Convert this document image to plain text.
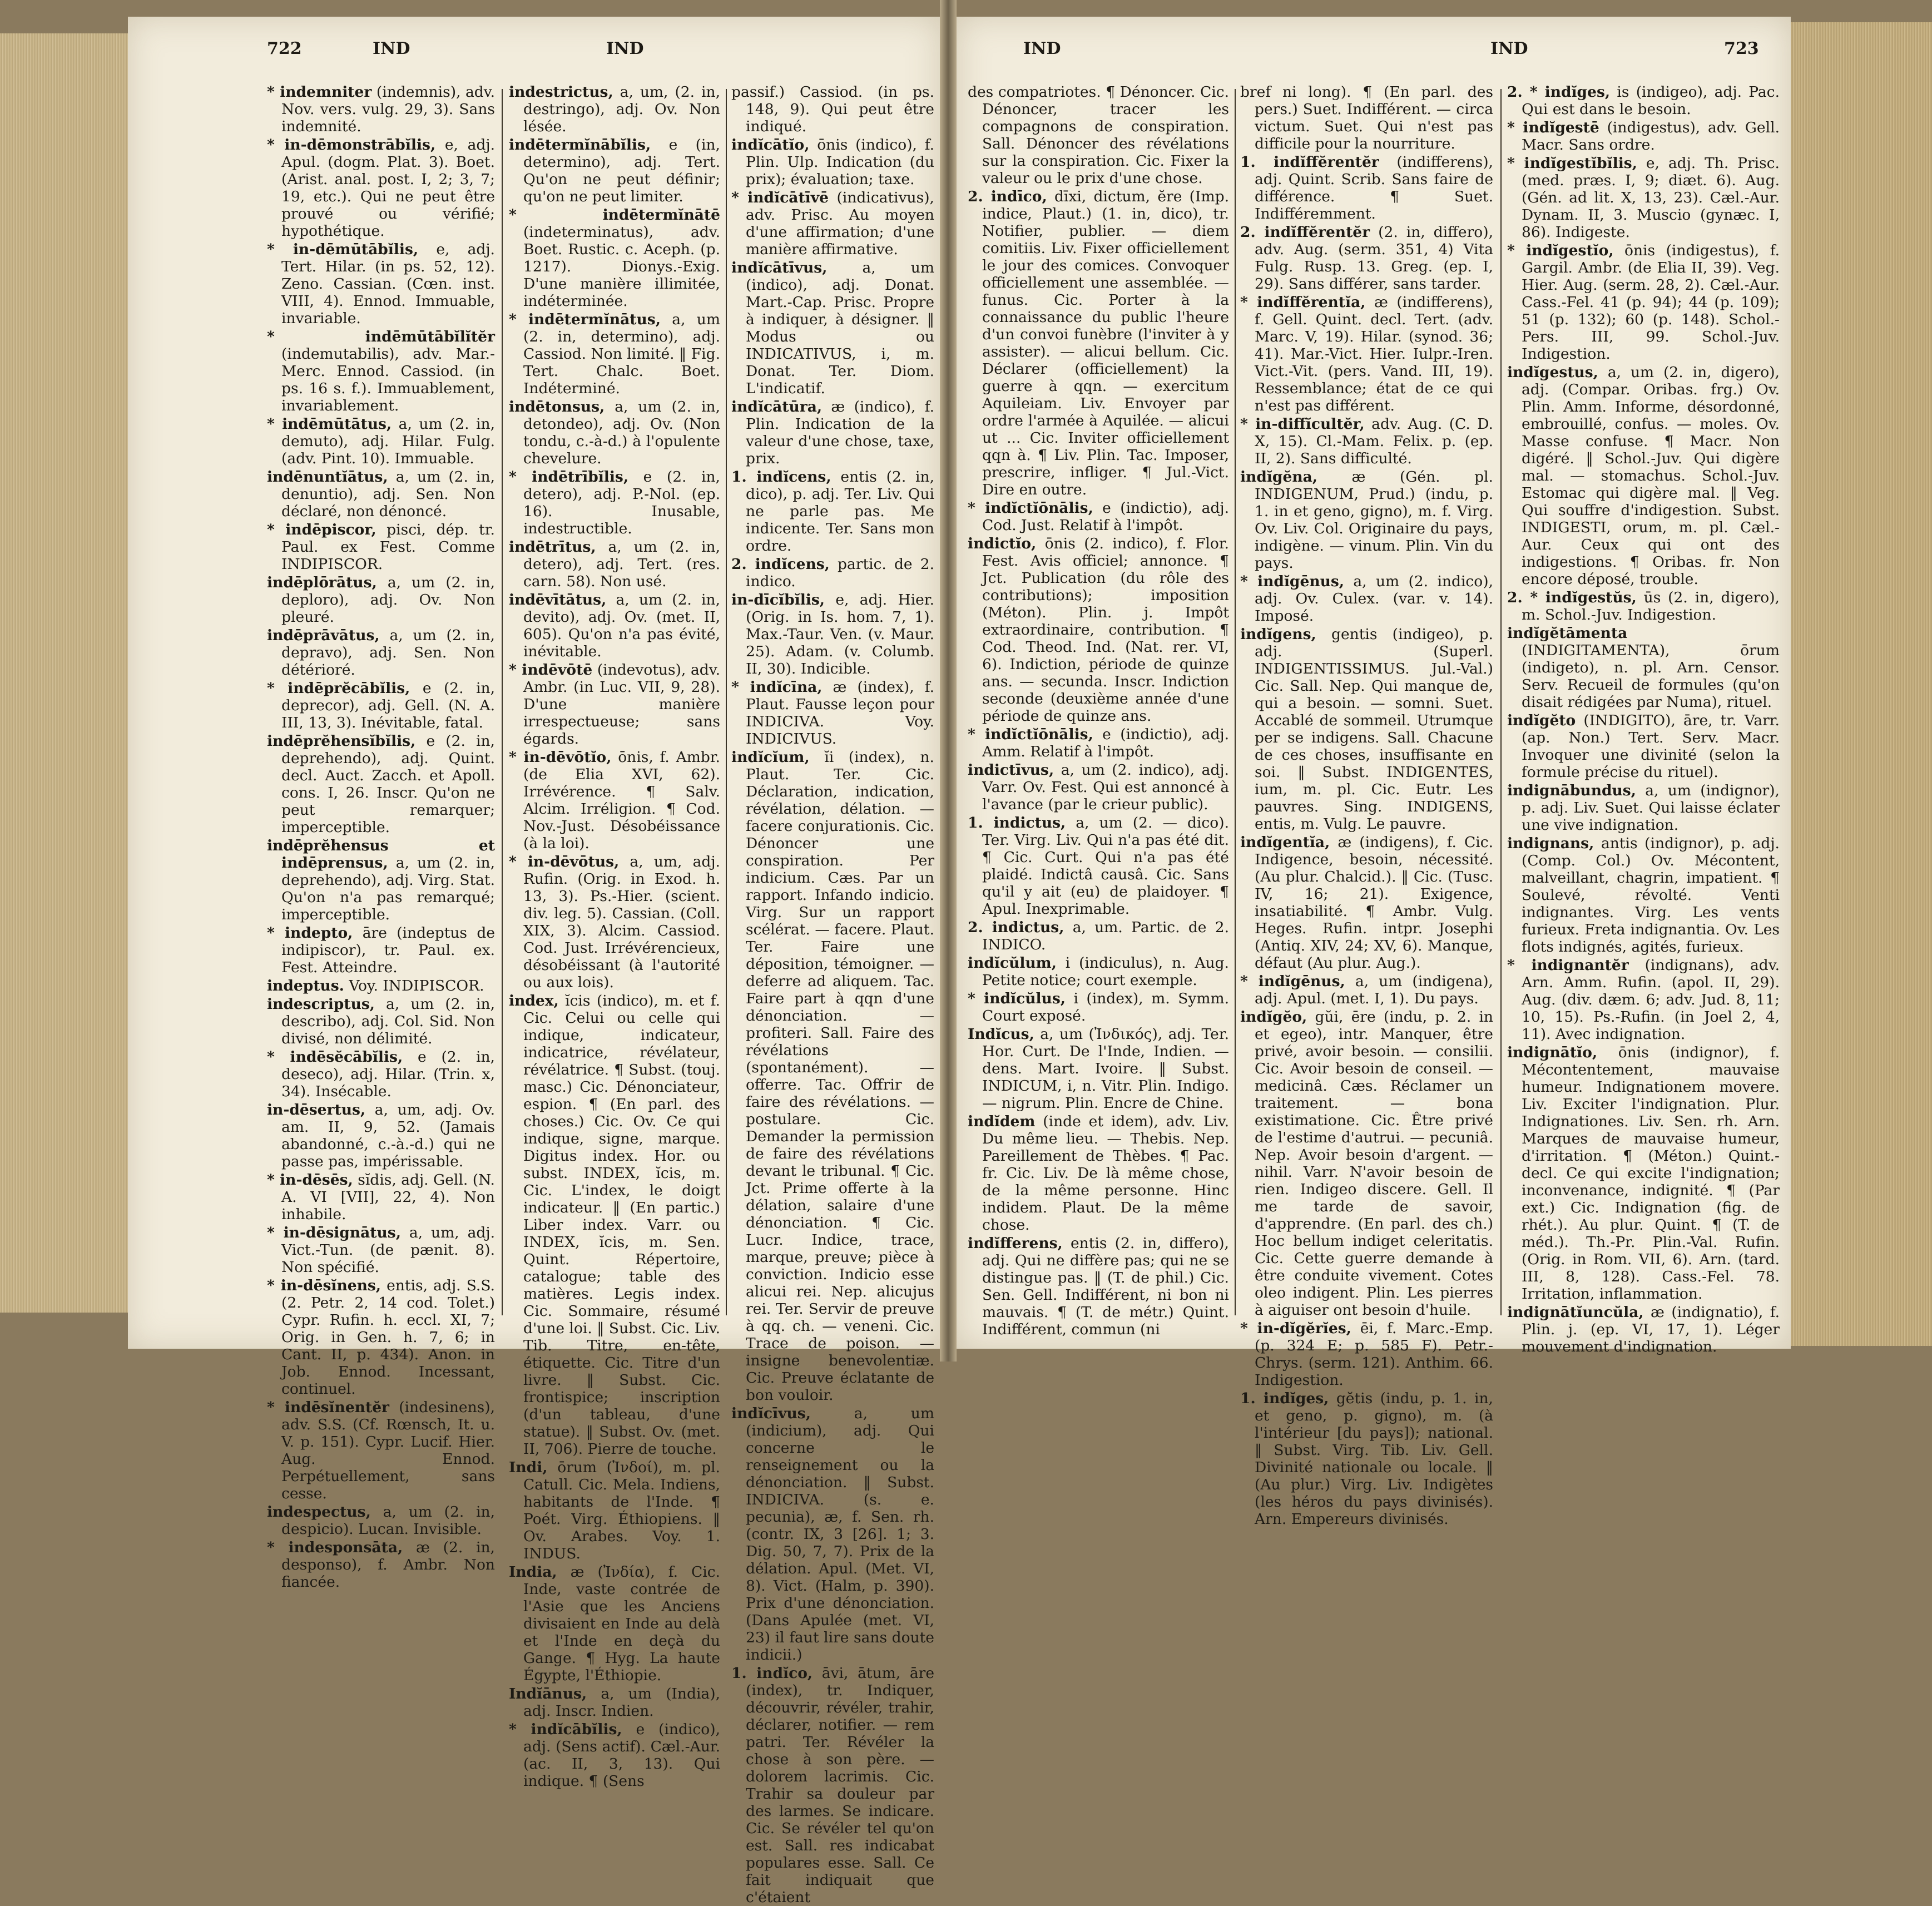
722	IND	IND

* indemniter (indemnis), adv. Nov. vers. vulg. 29, 3). Sans indemnité.

* in-dēmonstrābĭlis, e, adj. Apul. (dogm. Plat. 3). Boet. (Arist. anal. post. I, 2; 3, 7; 19, etc.). Qui ne peut être prouvé ou vérifié; hypothétique.

* in-dēmūtābĭlis, e, adj. Tert. Hilar. (in ps. 52, 12). Zeno. Cassian. (Cœn. inst. VIII, 4). Ennod. Immuable, invariable.

* indēmūtābĭlĭtĕr (indemutabilis), adv. Mar.-Merc. Ennod. Cassiod. (in ps. 16 s. f.). Immuablement, invariablement.

* indēmūtātus, a, um (2. in, demuto), adj. Hilar. Fulg. (adv. Pint. 10). Immuable.

indēnuntĭātus, a, um (2. in, denuntio), adj. Sen. Non déclaré, non dénoncé.

* indēpiscor, pisci, dép. tr. Paul. ex Fest. Comme INDIPISCOR.

indēplōrātus, a, um (2. in, deploro), adj. Ov. Non pleuré.

indēprāvātus, a, um (2. in, depravo), adj. Sen. Non détérioré.

* indēprĕcābĭlis, e (2. in, deprecor), adj. Gell. (N. A. III, 13, 3). Inévitable, fatal.

indēprĕhensĭbĭlis, e (2. in, deprehendo), adj. Quint. decl. Auct. Zacch. et Apoll. cons. I, 26. Inscr. Qu'on ne peut remarquer; imperceptible.

indēprĕhensus et indēprensus, a, um (2. in, deprehendo), adj. Virg. Stat. Qu'on n'a pas remarqué; imperceptible.

* indepto, āre (indeptus de indipiscor), tr. Paul. ex. Fest. Atteindre.

indeptus. Voy. INDIPISCOR.

indescriptus, a, um (2. in, describo), adj. Col. Sid. Non divisé, non délimité.

* indēsĕcābĭlis, e (2. in, deseco), adj. Hilar. (Trin. x, 34). Insécable.

in-dēsertus, a, um, adj. Ov. am. II, 9, 52. (Jamais abandonné, c.-à.-d.) qui ne passe pas, impérissable.

* in-dēsēs, sĭdis, adj. Gell. (N. A. VI [VII], 22, 4). Non inhabile.

* in-dēsignātus, a, um, adj. Vict.-Tun. (de pænit. 8). Non spécifié.

* in-dēsĭnens, entis, adj. S.S. (2. Petr. 2, 14 cod. Tolet.) Cypr. Rufin. h. eccl. XI, 7; Orig. in Gen. h. 7, 6; in Cant. II, p. 434). Anon. in Job. Ennod. Incessant, continuel.

* indēsĭnentĕr (indesinens), adv. S.S. (Cf. Rœnsch, It. u. V. p. 151). Cypr. Lucif. Hier. Aug. Ennod. Perpétuellement, sans cesse.

indespectus, a, um (2. in, despicio). Lucan. Invisible.

* indesponsāta, æ (2. in, desponso), f. Ambr. Non fiancée.

indestrictus, a, um, (2. in, destringo), adj. Ov. Non lésée.

indētermĭnābĭlis, e (in, determino), adj. Tert. Qu'on ne peut définir; qu'on ne peut limiter.

* indētermĭnātē (indeterminatus), adv. Boet. Rustic. c. Aceph. (p. 1217). Dionys.-Exig. D'une manière illimitée, indéterminée.

* indētermĭnātus, a, um (2. in, determino), adj. Cassiod. Non limité. ‖ Fig. Tert. Chalc. Boet. Indéterminé.

indētonsus, a, um (2. in, detondeo), adj. Ov. (Non tondu, c.-à-d.) à l'opulente chevelure.

* indētrībĭlis, e (2. in, detero), adj. P.-Nol. (ep. 16). Inusable, indestructible.

indētrītus, a, um (2. in, detero), adj. Tert. (res. carn. 58). Non usé.

indēvītātus, a, um (2. in, devito), adj. Ov. (met. II, 605). Qu'on n'a pas évité, inévitable.

* indēvōtē (indevotus), adv. Ambr. (in Luc. VII, 9, 28). D'une manière irrespectueuse; sans égards.

* in-dēvōtĭo, ōnis, f. Ambr. (de Elia XVI, 62). Irrévérence. ¶ Salv. Alcim. Irréligion. ¶ Cod. Nov.-Just. Désobéissance (à la loi).

* in-dēvōtus, a, um, adj. Rufin. (Orig. in Exod. h. 13, 3). Ps.-Hier. (scient. div. leg. 5). Cassian. (Coll. XIX, 3). Alcim. Cassiod. Cod. Just. Irrévérencieux, désobéissant (à l'autorité ou aux lois).

index, ĭcis (indico), m. et f. Cic. Celui ou celle qui indique, indicateur, indicatrice, révélateur, révélatrice. ¶ Subst. (touj. masc.) Cic. Dénonciateur, espion. ¶ (En parl. des choses.) Cic. Ov. Ce qui indique, signe, marque. Digitus index. Hor. ou subst. INDEX, ĭcis, m. Cic. L'index, le doigt indicateur. ‖ (En partic.) Liber index. Varr. ou INDEX, ĭcis, m. Sen. Quint. Répertoire, catalogue; table des matières. Legis index. Cic. Sommaire, résumé d'une loi. ‖ Subst. Cic. Liv. Tib. Titre, en-tête, étiquette. Cic. Titre d'un livre. ‖ Subst. Cic. frontispice; inscription (d'un tableau, d'une statue). ‖ Subst. Ov. (met. II, 706). Pierre de touche.

Indi, ōrum (Ἰνδοί), m. pl. Catull. Cic. Mela. Indiens, habitants de l'Inde. ¶ Poét. Virg. Éthiopiens. ‖ Ov. Arabes. Voy. 1. INDUS.

India, æ (Ἰνδία), f. Cic. Inde, vaste contrée de l'Asie que les Anciens divisaient en Inde au delà et l'Inde en deçà du Gange. ¶ Hyg. La haute Égypte, l'Éthiopie.

Indĭānus, a, um (India), adj. Inscr. Indien.

* indĭcābĭlis, e (indico), adj. (Sens actif). Cæl.-Aur. (ac. II, 3, 13). Qui indique. ¶ (Sens

passif.) Cassiod. (in ps. 148, 9). Qui peut être indiqué.

indĭcātĭo, ōnis (indico), f. Plin. Ulp. Indication (du prix); évaluation; taxe.

* indĭcātīvē (indicativus), adv. Prisc. Au moyen d'une affirmation; d'une manière affirmative.

indĭcātīvus, a, um (indico), adj. Donat. Mart.-Cap. Prisc. Propre à indiquer, à désigner. ‖ Modus ou INDICATIVUS, i, m. Donat. Ter. Diom. L'indicatif.

indĭcātūra, æ (indico), f. Plin. Indication de la valeur d'une chose, taxe, prix.

1. indĭcens, entis (2. in, dico), p. adj. Ter. Liv. Qui ne parle pas. Me indicente. Ter. Sans mon ordre.

2. indĭcens, partic. de 2. indico.

in-dīcĭbĭlis, e, adj. Hier. (Orig. in Is. hom. 7, 1). Max.-Taur. Ven. (v. Maur. 25). Adam. (v. Columb. II, 30). Indicible.

* indĭcīna, æ (index), f. Plaut. Fausse leçon pour INDICIVA. Voy. INDICIVUS.

indĭcĭum, ĭi (index), n. Plaut. Ter. Cic. Déclaration, indication, révélation, délation. — facere conjurationis. Cic. Dénoncer une conspiration. Per indicium. Cæs. Par un rapport. Infando indicio. Virg. Sur un rapport scélérat. — facere. Plaut. Ter. Faire une déposition, témoigner. — deferre ad aliquem. Tac. Faire part à qqn d'une dénonciation. — profiteri. Sall. Faire des révélations (spontanément). — offerre. Tac. Offrir de faire des révélations. — postulare. Cic. Demander la permission de faire des révélations devant le tribunal. ¶ Cic. Jct. Prime offerte à la délation, salaire d'une dénonciation. ¶ Cic. Lucr. Indice, trace, marque, preuve; pièce à conviction. Indicio esse alicui rei. Nep. alicujus rei. Ter. Servir de preuve à qq. ch. — veneni. Cic. Trace de poison. — insigne benevolentiæ. Cic. Preuve éclatante de bon vouloir.

indĭcīvus,	a, um (indicium), adj. Qui concerne le renseignement ou la dénonciation. ‖ Subst. INDICIVA. (s. e. pecunia), æ, f. Sen. rh. (contr. IX, 3 [26]. 1; 3. Dig. 50, 7, 7). Prix de la délation. Apul. (Met. VI, 8). Vict. (Halm, p. 390). Prix d'une dénonciation. (Dans Apulée (met. VI, 23) il faut lire sans doute indicii.)

1. indĭco, āvi, ātum, āre (index), tr. Indiquer, découvrir, révéler, trahir, déclarer, notifier. — rem patri. Ter. Révéler la chose à son père. — dolorem lacrimis. Cic. Trahir sa douleur par des larmes. Se indicare. Cic. Se révéler tel qu'on est. Sall. res indicabat populares esse. Sall. Ce fait indiquait que c'étaient

IND	IND	723

des compatriotes. ¶ Dénoncer. Cic. Dénoncer, tracer les compagnons de conspiration. Sall. Dénoncer des révélations sur la conspiration. Cic. Fixer la valeur ou le prix d'une chose.

2. indīco, dīxi, dictum, ĕre (Imp. indice, Plaut.) (1. in, dico), tr. Notifier, publier. — diem comitiis. Liv. Fixer officiellement le jour des comices. Convoquer officiellement une assemblée. — funus. Cic. Porter à la connaissance du public l'heure d'un convoi funèbre (l'inviter à y assister). — alicui bellum. Cic. Déclarer (officiellement) la guerre à qqn. — exercitum Aquileiam. Liv. Envoyer par ordre l'armée à Aquilée. — alicui ut ... Cic. Inviter officiellement qqn à. ¶ Liv. Plin. Tac. Imposer, prescrire, infliger. ¶ Jul.-Vict. Dire en outre.

* indĭctĭōnālis, e (indictio), adj. Cod. Just. Relatif à l'impôt.

indictĭo, ōnis (2. indico), f. Flor. Fest. Avis officiel; annonce. ¶ Jct. Publication (du rôle des contributions); imposition (Méton). Plin. j. Impôt extraordinaire, contribution. ¶ Cod. Theod. Ind. (Nat. rer. VI, 6). Indiction, période de quinze ans. — secunda. Inscr. Indiction seconde (deuxième année d'une période de quinze ans.

* indĭctĭōnālis, e (indictio), adj. Amm. Relatif à l'impôt.

indictīvus, a, um (2. indico), adj. Varr. Ov. Fest. Qui est annoncé à l'avance (par le crieur public).

1. indictus, a, um (2. — dico). Ter. Virg. Liv. Qui n'a pas été dit. ¶ Cic. Curt. Qui n'a pas été plaidé. Indictâ causâ. Cic. Sans qu'il y ait (eu) de plaidoyer. ¶ Apul. Inexprimable.

2. indictus, a, um. Partic. de 2. INDICO.

indĭcŭlum, i (indiculus), n. Aug. Petite notice; court exemple.

* indĭcŭlus, i (index), m. Symm. Court exposé.

Indĭcus, a, um (Ἰνδικός), adj. Ter. Hor. Curt. De l'Inde, Indien. — dens. Mart. Ivoire. ‖ Subst. INDICUM, i, n. Vitr. Plin. Indigo. — nigrum. Plin. Encre de Chine.

indĭdem (inde et idem), adv. Liv. Du même lieu. — Thebis. Nep. Pareillement de Thèbes. ¶ Pac. fr. Cic. Liv. De là même chose, de la même personne. Hinc indidem. Plaut. De la même chose.

indĭfferens, entis (2. in, differo), adj. Qui ne diffère pas; qui ne se distingue pas. ‖ (T. de phil.) Cic. Sen. Gell. Indifférent, ni bon ni mauvais. ¶ (T. de métr.) Quint. Indifférent, commun (ni

bref ni long). ¶ (En parl. des pers.) Suet. Indifférent. — circa victum. Suet. Qui n'est pas difficile pour la nourriture.

1. indĭffĕrentĕr (indifferens), adj. Quint. Scrib. Sans faire de différence. ¶ Suet. Indifféremment.

2. indĭffĕrentĕr (2. in, differo), adv. Aug. (serm. 351, 4) Vita Fulg. Rusp. 13. Greg. (ep. I, 29). Sans différer, sans tarder.

* indĭffĕrentĭa, æ (indifferens), f. Gell. Quint. decl. Tert. (adv. Marc. V, 19). Hilar. (synod. 36; 41). Mar.-Vict. Hier. Iulpr.-Iren. Vict.-Vit. (pers. Vand. III, 19). Ressemblance; état de ce qui n'est pas différent.

* in-diffĭcultĕr, adv. Aug. (C. D. X, 15). Cl.-Mam. Felix. p. (ep. II, 2). Sans difficulté.

indĭgĕna, æ (Gén. pl. INDIGENUM, Prud.) (indu, p. 1. in et geno, gigno), m. f. Virg. Ov. Liv. Col. Originaire du pays, indigène. — vinum. Plin. Vin du pays.

* indĭgēnus, a, um (2. indico), adj. Ov. Culex. (var. v. 14). Imposé.

indĭgens, gentis (indigeo), p. adj. (Superl. INDIGENTISSIMUS. Jul.-Val.) Cic. Sall. Nep. Qui manque de, qui a besoin. — somni. Suet. Accablé de sommeil. Utrumque per se indigens. Sall. Chacune de ces choses, insuffisante en soi. ‖ Subst. INDIGENTES, ium, m. pl. Cic. Eutr. Les pauvres. Sing. INDIGENS, entis, m. Vulg. Le pauvre.

indĭgentĭa, æ (indigens), f. Cic. Indigence, besoin, nécessité. (Au plur. Chalcid.). ‖ Cic. (Tusc. IV, 16; 21). Exigence, insatiabilité. ¶ Ambr. Vulg. Heges. Rufin. intpr. Josephi (Antiq. XIV, 24; XV, 6). Manque, défaut (Au plur. Aug.).

* indĭgēnus, a, um (indigena), adj. Apul. (met. I, 1). Du pays.

indĭgĕo, gŭi, ēre (indu, p. 2. in et egeo), intr. Manquer, être privé, avoir besoin. — consilii. Cic. Avoir besoin de conseil. — medicinâ. Cæs. Réclamer un traitement. — bona existimatione. Cic. Être privé de l'estime d'autrui. — pecuniâ. Nep. Avoir besoin d'argent. — nihil. Varr. N'avoir besoin de rien. Indigeo discere. Gell. Il me tarde de savoir, d'apprendre. (En parl. des ch.) Hoc bellum indiget celeritatis. Cic. Cette guerre demande à être conduite vivement. Cotes oleo indigent. Plin. Les pierres à aiguiser ont besoin d'huile.

* in-dĭgĕrĭes, ēi, f. Marc.-Emp. (p. 324 E; p. 585 F). Petr.-Chrys. (serm. 121). Anthim. 66. Indigestion.

1. indĭges, gĕtis (indu, p. 1. in, et geno, p. gigno), m. (à l'intérieur [du pays]); national. ‖ Subst. Virg. Tib. Liv. Gell. Divinité nationale ou locale. ‖ (Au plur.) Virg. Liv. Indigètes (les héros du pays divinisés). Arn. Empereurs divinisés.

2. * indĭges, is (indigeo), adj. Pac. Qui est dans le besoin.

* indĭgestē (indigestus), adv. Gell. Macr. Sans ordre.

* indĭgestĭbĭlis, e, adj. Th. Prisc. (med. præs. I, 9; diæt. 6). Aug. (Gén. ad lit. X, 13, 23). Cæl.-Aur. Dynam. II, 3. Muscio (gynæc. I, 86). Indigeste.

* indĭgestĭo, ōnis (indigestus), f. Gargil. Ambr. (de Elia II, 39). Veg. Hier. Aug. (serm. 28, 2). Cæl.-Aur. Cass.-Fel. 41 (p. 94); 44 (p. 109); 51 (p. 132); 60 (p. 148). Schol.-Pers. III, 99. Schol.-Juv. Indigestion.

indĭgestus, a, um (2. in, digero), adj. (Compar. Oribas. frg.) Ov. Plin. Amm. Informe, désordonné, embrouillé, confus. — moles. Ov. Masse confuse. ¶ Macr. Non digéré. ‖ Schol.-Juv. Qui digère mal. — stomachus. Schol.-Juv. Estomac qui digère mal. ‖ Veg. Qui souffre d'indigestion. Subst. INDIGESTI, orum, m. pl. Cæl.-Aur. Ceux qui ont des indigestions. ¶ Oribas. fr. Non encore déposé, trouble.

2. * indĭgestŭs, ūs (2. in, digero), m. Schol.-Juv. Indigestion.

indĭgĕtāmenta (INDIGITAMENTA), ōrum (indigeto), n. pl. Arn. Censor. Serv. Recueil de formules (qu'on disait rédigées par Numa), rituel.

indĭgĕto (INDIGITO), āre, tr. Varr. (ap. Non.) Tert. Serv. Macr. Invoquer une divinité (selon la formule précise du rituel).

indignābundus, a, um (indignor), p. adj. Liv. Suet. Qui laisse éclater une vive indignation.

indignans, antis (indignor), p. adj. (Comp. Col.) Ov. Mécontent, malveillant, chagrin, impatient. ¶ Soulevé, révolté. Venti indignantes. Virg. Les vents furieux. Freta indignantia. Ov. Les flots indignés, agités, furieux.

* indignantĕr (indignans), adv. Arn. Amm. Rufin. (apol. II, 29). Aug. (div. dæm. 6; adv. Jud. 8, 11; 10, 15). Ps.-Rufin. (in Joel 2, 4, 11). Avec indignation.

indignātĭo, ōnis (indignor), f. Mécontentement, mauvaise humeur. Indignationem movere. Liv. Exciter l'indignation. Plur. Indignationes. Liv. Sen. rh. Arn. Marques de mauvaise humeur, d'irritation. ¶ (Méton.) Quint.-decl. Ce qui excite l'indignation; inconvenance, indignité. ¶ (Par ext.) Cic. Indignation (fig. de rhét.). Au plur. Quint. ¶ (T. de méd.). Th.-Pr. Plin.-Val. Rufin. (Orig. in Rom. VII, 6). Arn. (tard. III, 8, 128). Cass.-Fel. 78. Irritation, inflammation.

indignātĭuncŭla, æ (indignatio), f. Plin. j. (ep. VI, 17, 1). Léger mouvement d'indignation.
